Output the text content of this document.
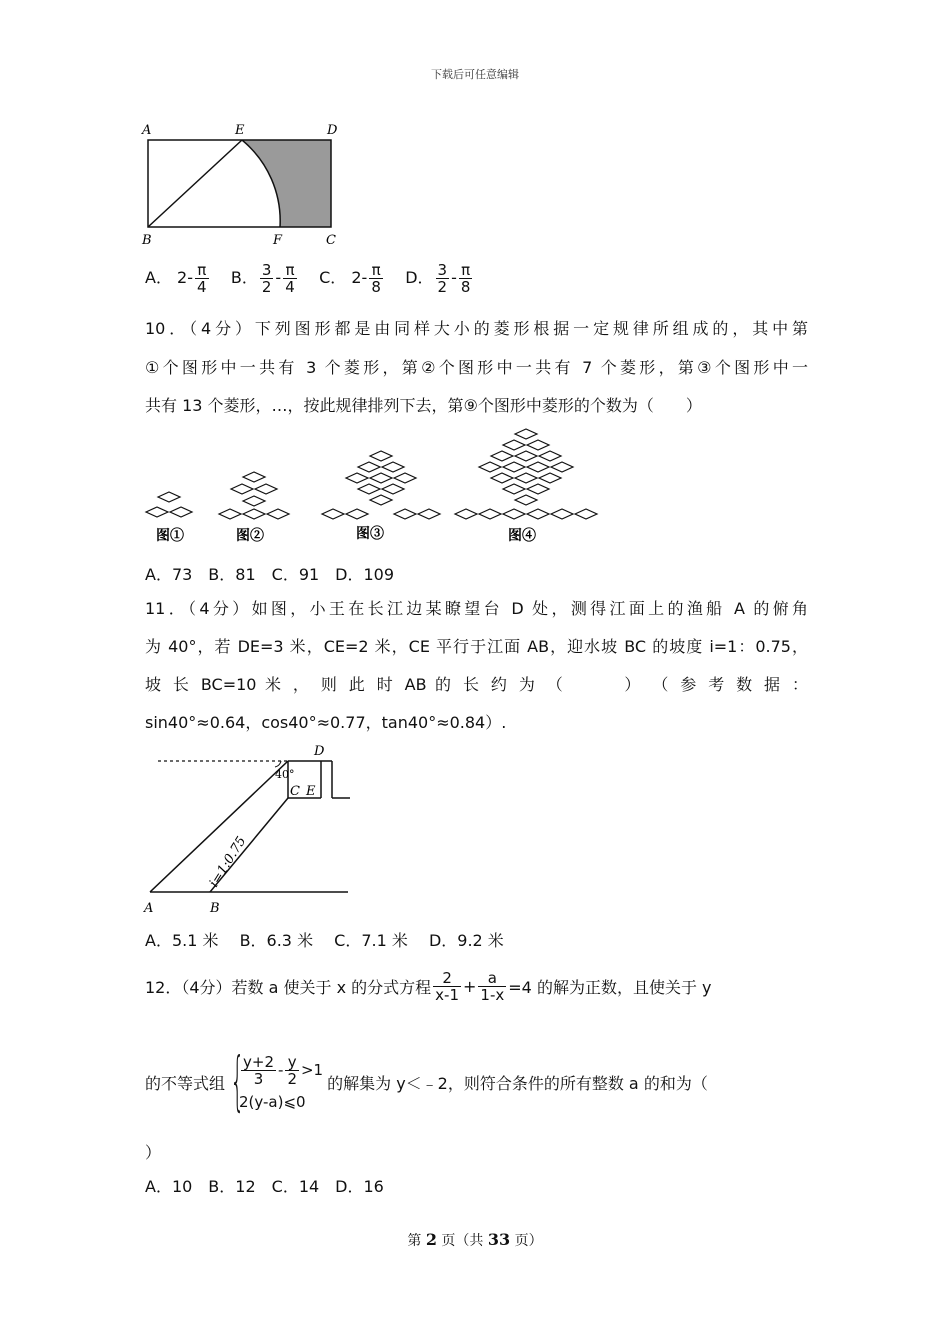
下载后可任意编辑
A	E	D
B	F	C
A． $2- \frac{\pi}{4}$ B． $\frac{3}{2} - \frac{\pi}{4}$ C． $2- \frac{\pi}{8}$ D． $\frac{3}{2} - \frac{\pi}{8}$
10．（4分）下列图形都是由同样大小的菱形根据一定规律所组成的，其中第
①个图形中一共有 3 个菱形，第②个图形中一共有 7 个菱形，第③个图形中一
共有 13 个菱形，…，按此规律排列下去，第⑨个图形中菱形的个数为（　　）
图①	图②	图③	图④
A．73　B．81　C．91　D．109
11．（4分）如图，小王在长江边某瞭望台 D 处，测得江面上的渔船 A 的俯角
为 40°，若 DE=3 米，CE=2 米，CE 平行于江面 AB，迎水坡 BC 的坡度 i=1：0.75，
坡 长 BC=10 米 ， 则 此 时 AB 的 长 约 为 （　　　） （ 参 考 数 据 ：
sin40°≈0.64，cos40°≈0.77，tan40°≈0.84）.
D
40°
C E
i=1:0.75
A	B
A．5.1 米　 B．6.3 米　 C．7.1 米　 D．9.2 米
12．（4分）若数 a 使关于 x 的分式方程 $\frac{2}{x-1} + \frac{a}{1-x} =4$ 的解为正数，且使关于 y
的不等式组 {
$\frac{y+2}{3} - \frac{y}{2} >1$
2(y-a)⩽0
的解集为 y＜﹣2，则符合条件的所有整数 a 的和为（
）
A．10　B．12　C．14　D．16
第 2 页（共 33 页）
